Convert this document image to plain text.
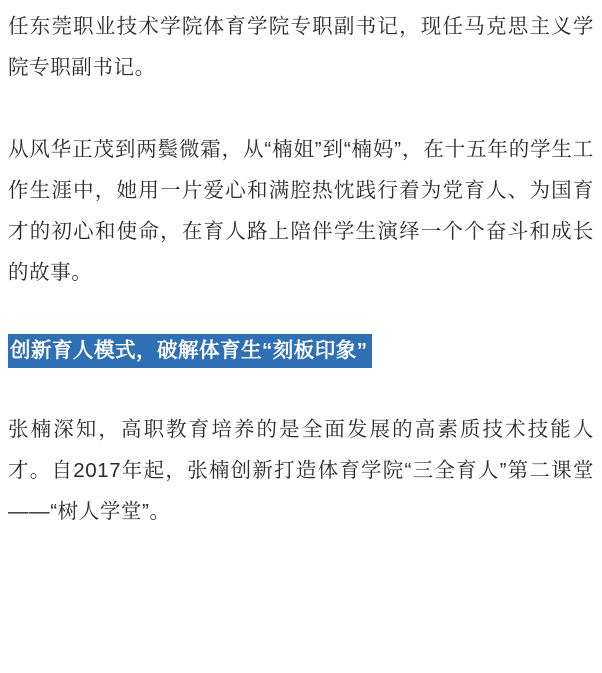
任东莞职业技术学院体育学院专职副书记，现任马克思主义学院专职副书记。

从风华正茂到两鬓微霜，从“楠姐”到“楠妈”，在十五年的学生工作生涯中，她用一片爱心和满腔热忱践行着为党育人、为国育才的初心和使命，在育人路上陪伴学生演绎一个个奋斗和成长的故事。

创新育人模式，破解体育生“刻板印象”

张楠深知，高职教育培养的是全面发展的高素质技术技能人才。自2017年起，张楠创新打造体育学院“三全育人”第二课堂——“树人学堂”。
